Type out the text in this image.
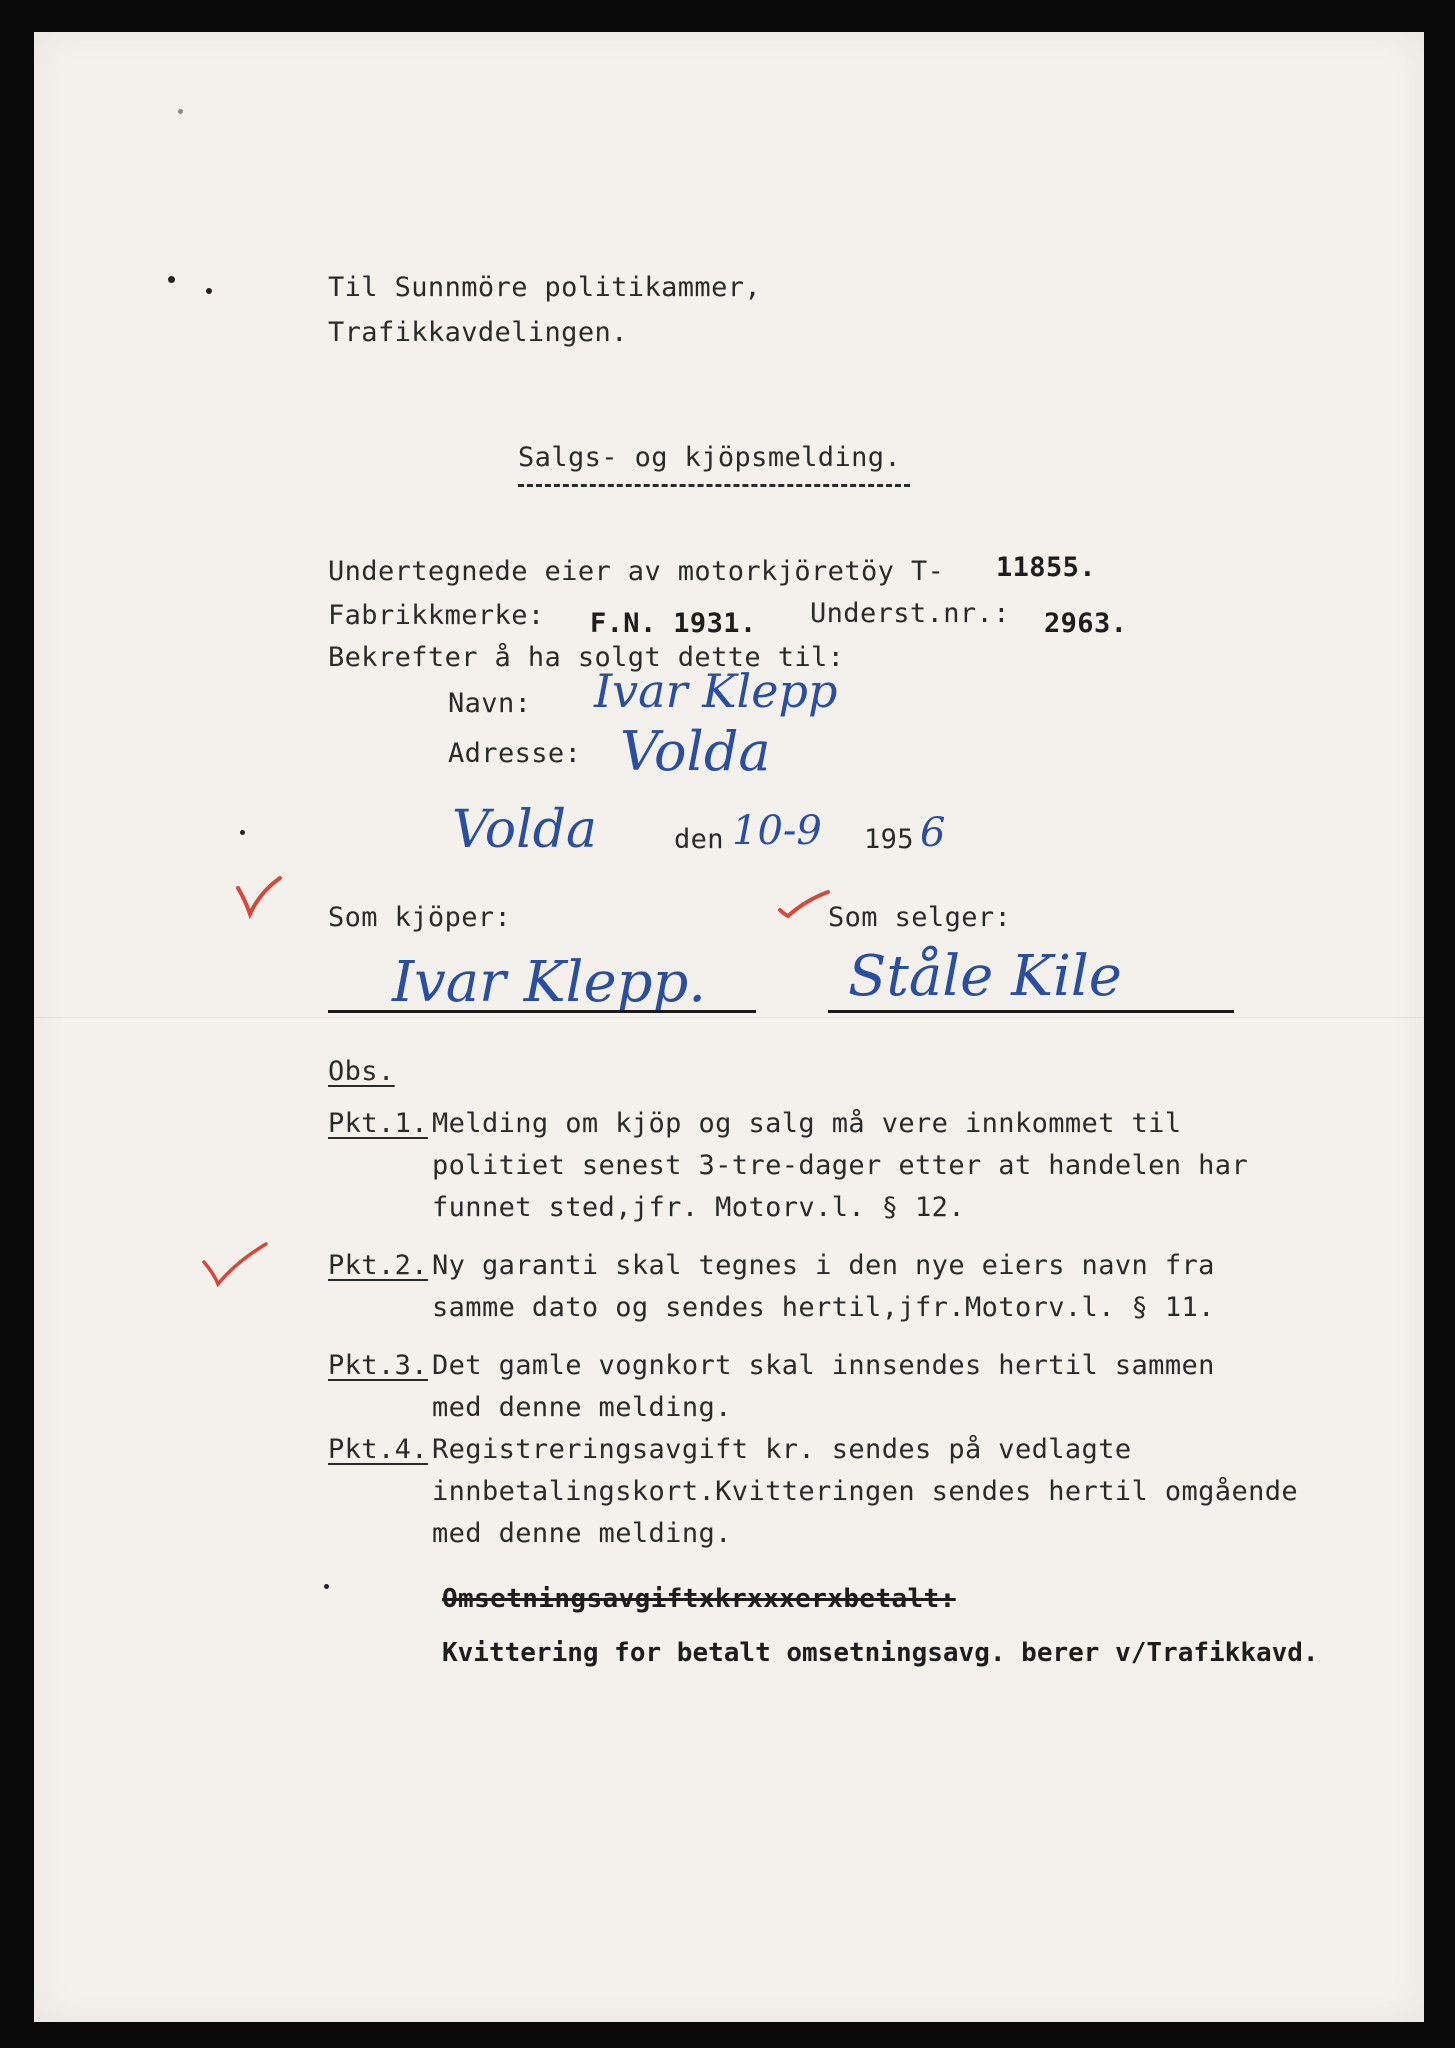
Til Sunnmöre politikammer,
Trafikkavdelingen.
Salgs- og kjöpsmelding.
Undertegnede eier av motorkjöretöy T- 11855.
Fabrikkmerke: F.N. 1931. Underst.nr.: 2963.
Bekrefter å ha solgt dette til:
Navn: Ivar Klepp
Adresse: Volda
Volda	den 10-9 195 6
Som kjöper:
Ivar Klepp.
Som selger:
Ståle Kile
Obs.
Pkt.1. Melding om kjöp og salg må vere innkommet til
politiet senest 3-tre-dager etter at handelen har
funnet sted,jfr. Motorv.l. § 12.
Pkt.2. Ny garanti skal tegnes i den nye eiers navn fra
samme dato og sendes hertil,jfr.Motorv.l. § 11.
Pkt.3. Det gamle vognkort skal innsendes hertil sammen
med denne melding.
Pkt.4. Registreringsavgift kr. sendes på vedlagte
innbetalingskort.Kvitteringen sendes hertil omgående
med denne melding.
Omsetningsavgiftxkrxxxerxbetalt:
Kvittering for betalt omsetningsavg. berer v/Trafikkavd.
